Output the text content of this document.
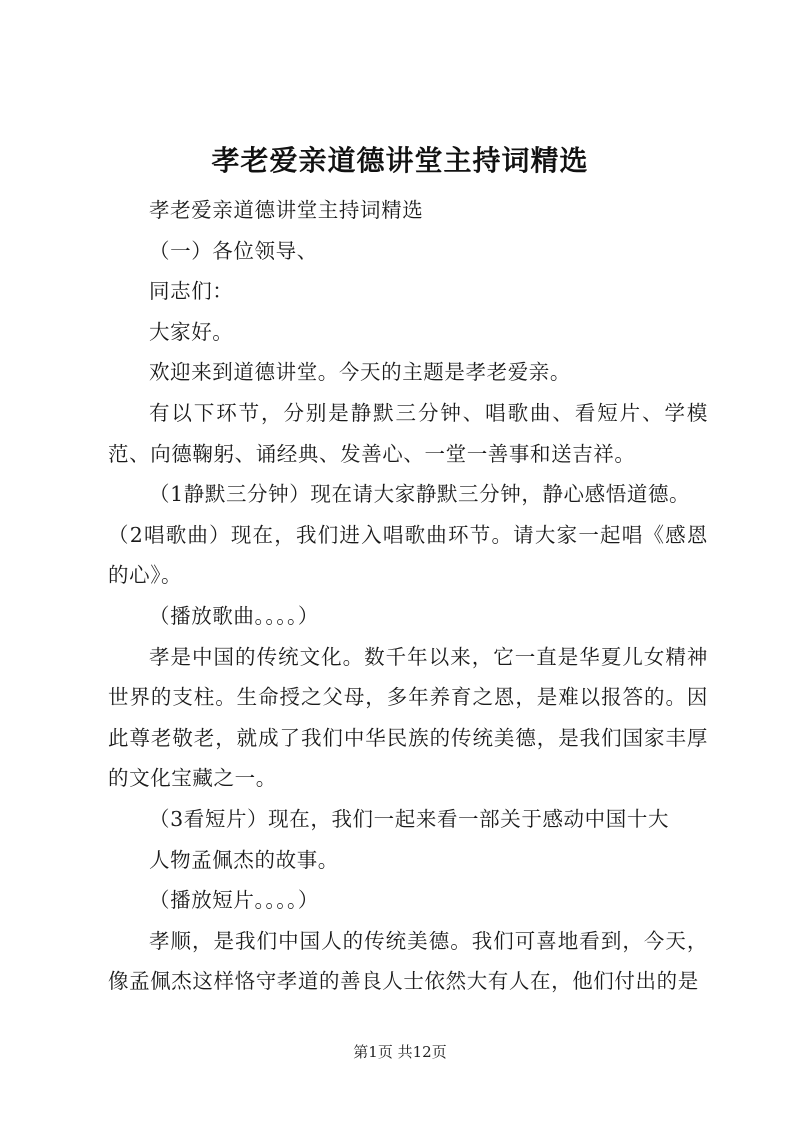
孝老爱亲道德讲堂主持词精选

孝老爱亲道德讲堂主持词精选

（一）各位领导、

同志们：

大家好。

欢迎来到道德讲堂。今天的主题是孝老爱亲。

有以下环节，分别是静默三分钟、唱歌曲、看短片、学模范、向德鞠躬、诵经典、发善心、一堂一善事和送吉祥。

（1静默三分钟）现在请大家静默三分钟，静心感悟道德。

（2唱歌曲）现在，我们进入唱歌曲环节。请大家一起唱《感恩的心》。

（播放歌曲。。。。）

孝是中国的传统文化。数千年以来，它一直是华夏儿女精神世界的支柱。生命授之父母，多年养育之恩，是难以报答的。因此尊老敬老，就成了我们中华民族的传统美德，是我们国家丰厚的文化宝藏之一。

（3看短片）现在，我们一起来看一部关于感动中国十大

人物孟佩杰的故事。

（播放短片。。。。）

孝顺，是我们中国人的传统美德。我们可喜地看到，今天，像孟佩杰这样恪守孝道的善良人士依然大有人在，他们付出的是

第1页 共12页
